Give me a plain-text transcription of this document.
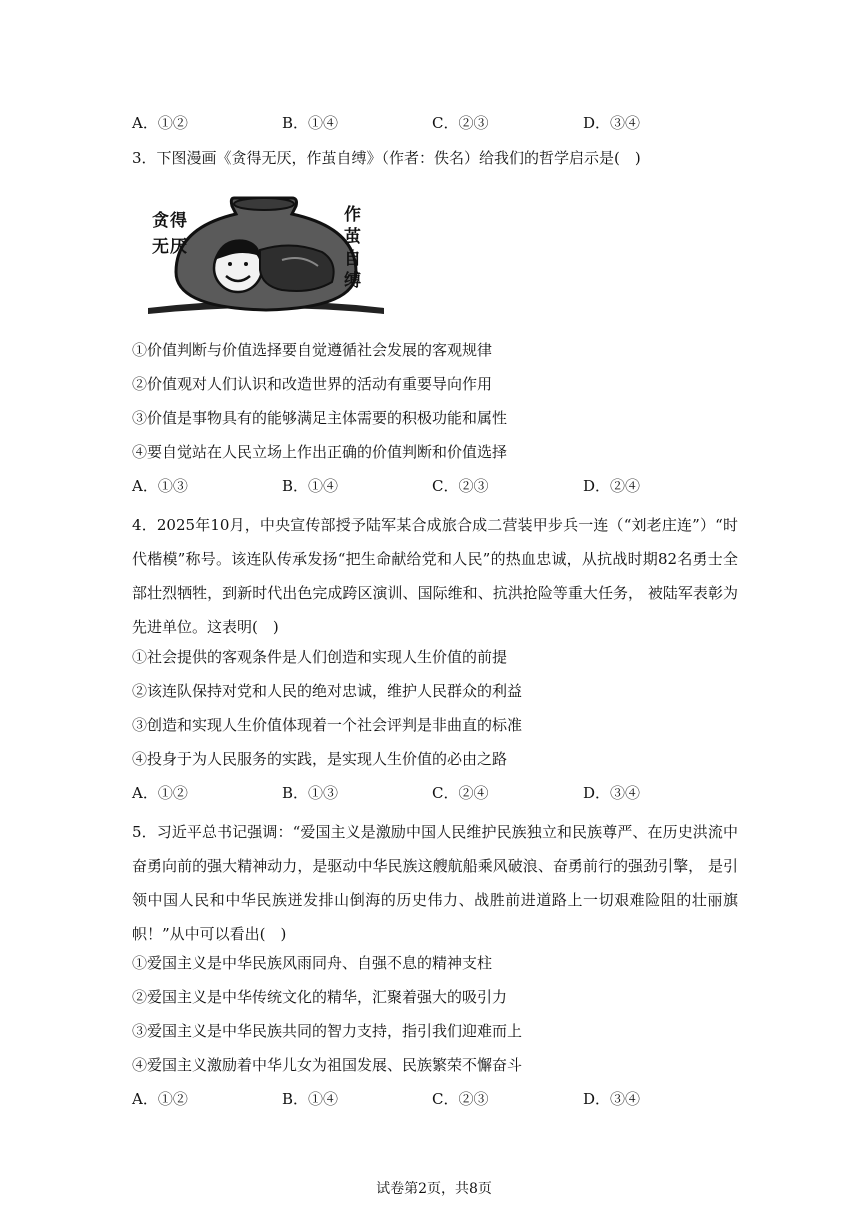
A．①②	B．①④	C．②③	D．③④
3．下图漫画《贪得无厌，作茧自缚》（作者：佚名）给我们的哲学启示是(　)
贪 得
无 厌
作
茧
自
缚
①价值判断与价值选择要自觉遵循社会发展的客观规律
②价值观对人们认识和改造世界的活动有重要导向作用
③价值是事物具有的能够满足主体需要的积极功能和属性
④要自觉站在人民立场上作出正确的价值判断和价值选择
A．①③	B．①④	C．②③	D．②④
4．2025年10月，中央宣传部授予陆军某合成旅合成二营装甲步兵一连（“刘老庄连”）“时代楷模”称号。该连队传承发扬“把生命献给党和人民”的热血忠诚，从抗战时期82名勇士全部壮烈牺牲，到新时代出色完成跨区演训、国际维和、抗洪抢险等重大任务， 被陆军表彰为先进单位。这表明(　)
①社会提供的客观条件是人们创造和实现人生价值的前提
②该连队保持对党和人民的绝对忠诚，维护人民群众的利益
③创造和实现人生价值体现着一个社会评判是非曲直的标准
④投身于为人民服务的实践，是实现人生价值的必由之路
A．①②	B．①③	C．②④	D．③④
5．习近平总书记强调：“爱国主义是激励中国人民维护民族独立和民族尊严、在历史洪流中奋勇向前的强大精神动力，是驱动中华民族这艘航船乘风破浪、奋勇前行的强劲引擎， 是引领中国人民和中华民族迸发排山倒海的历史伟力、战胜前进道路上一切艰难险阻的壮丽旗帜！”从中可以看出(　)
①爱国主义是中华民族风雨同舟、自强不息的精神支柱
②爱国主义是中华传统文化的精华，汇聚着强大的吸引力
③爱国主义是中华民族共同的智力支持，指引我们迎难而上
④爱国主义激励着中华儿女为祖国发展、民族繁荣不懈奋斗
A．①②	B．①④	C．②③	D．③④
试卷第2页，共8页
